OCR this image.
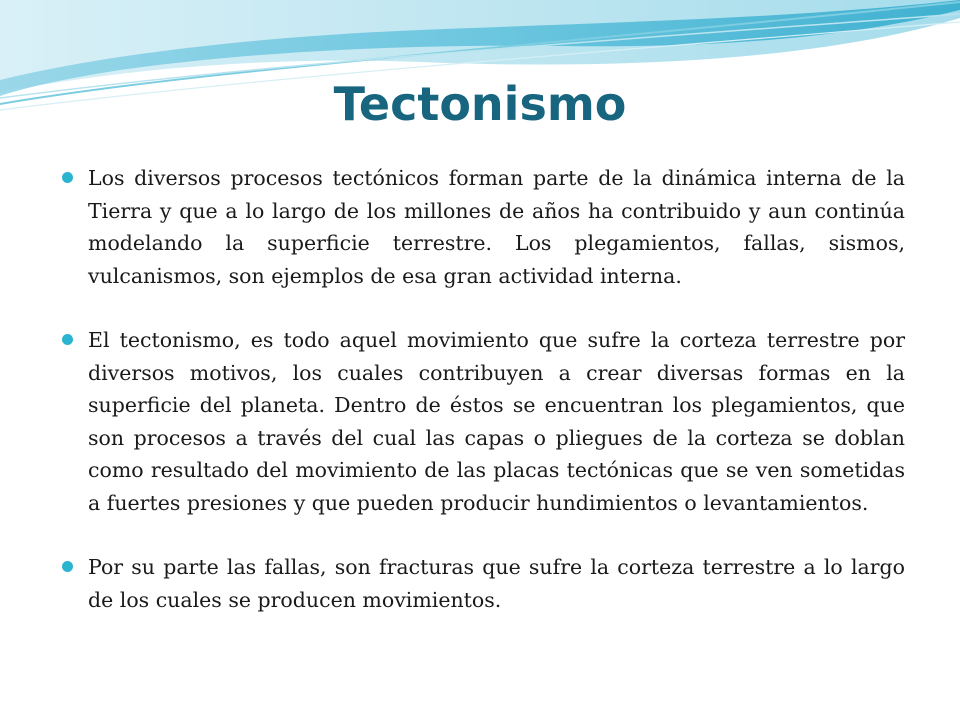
Tectonismo
Los diversos procesos tectónicos forman parte de la dinámica interna de la Tierra y que a lo largo de los millones de años ha contribuido y aun continúa modelando la superficie terrestre. Los plegamientos, fallas, sismos, vulcanismos, son ejemplos de esa gran actividad interna.
El tectonismo, es todo aquel movimiento que sufre la corteza terrestre por diversos motivos, los cuales contribuyen a crear diversas formas en la superficie del planeta. Dentro de éstos se encuentran los plegamientos, que son procesos a través del cual las capas o pliegues de la corteza se doblan como resultado del movimiento de las placas tectónicas que se ven sometidas a fuertes presiones y que pueden producir hundimientos o levantamientos.
Por su parte las fallas, son fracturas que sufre la corteza terrestre a lo largo de los cuales se producen movimientos.
